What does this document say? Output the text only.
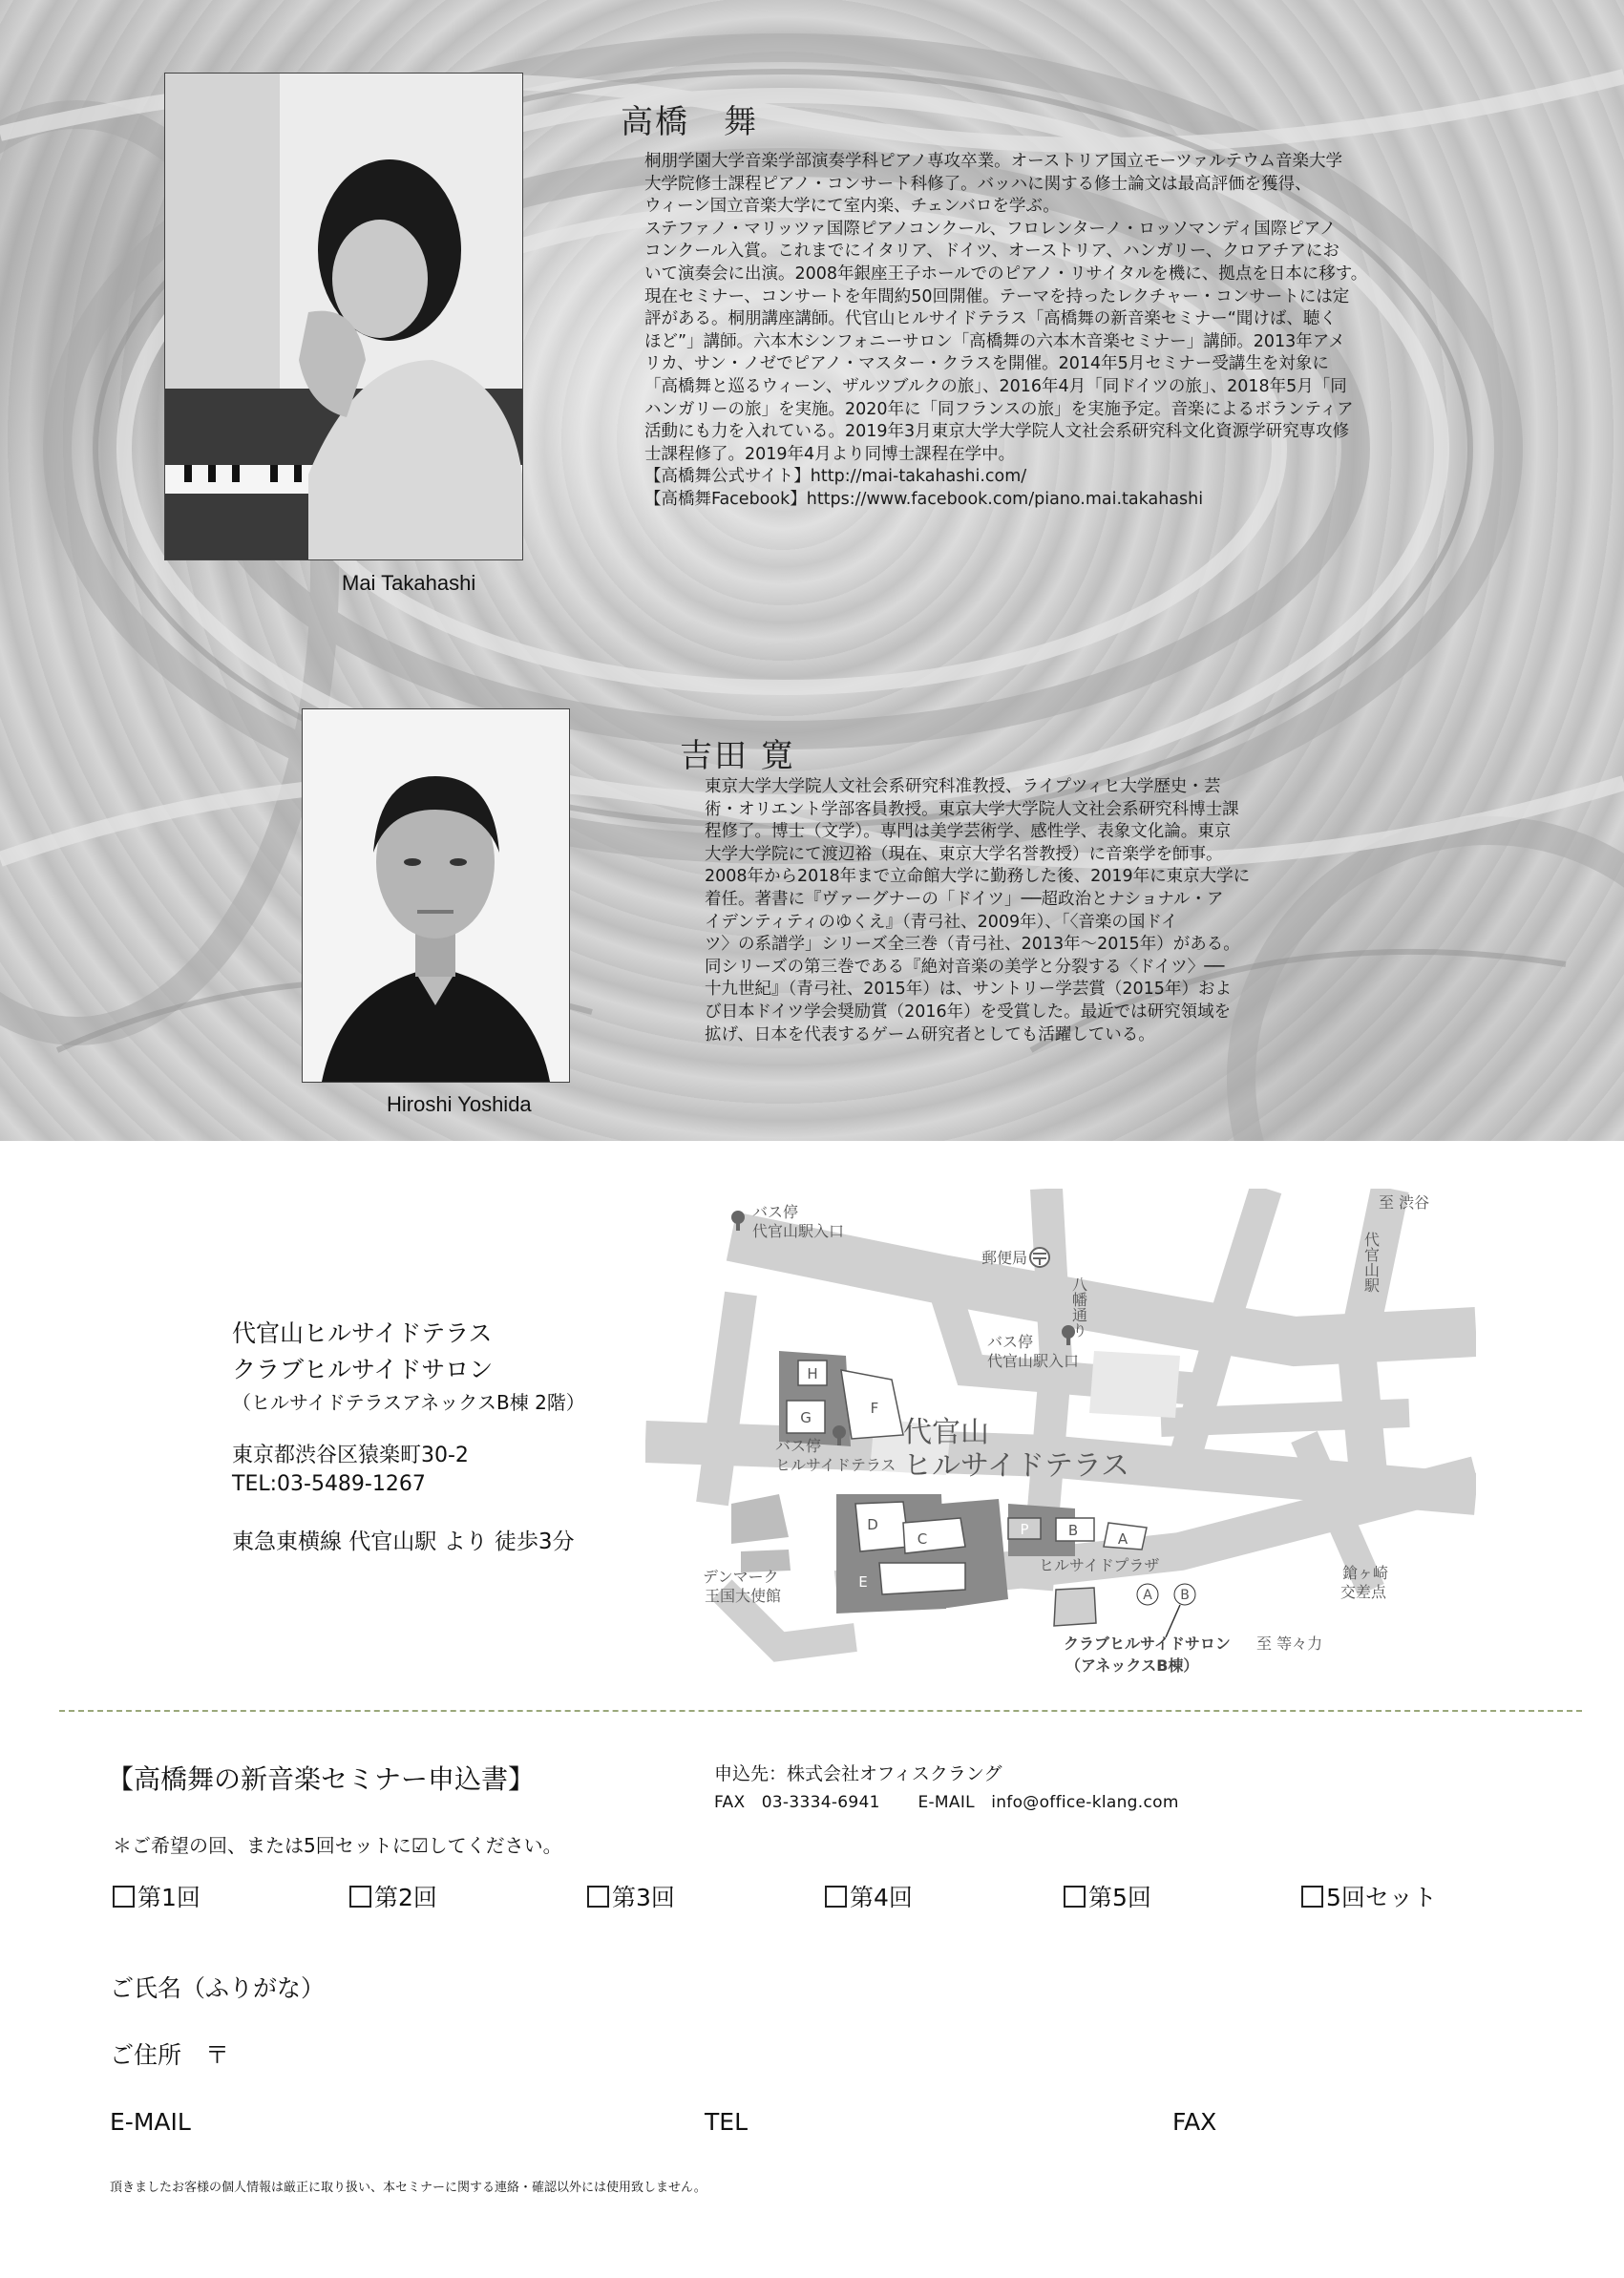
Mai Takahashi
高橋　舞

桐朋学園大学音楽学部演奏学科ピアノ専攻卒業。オーストリア国立モーツァルテウム音楽大学

大学院修士課程ピアノ・コンサート科修了。バッハに関する修士論文は最高評価を獲得、

ウィーン国立音楽大学にて室内楽、チェンバロを学ぶ。

ステファノ・マリッツァ国際ピアノコンクール、フロレンターノ・ロッソマンディ国際ピアノ

コンクール入賞。これまでにイタリア、ドイツ、オーストリア、ハンガリー、クロアチアにお

いて演奏会に出演。2008年銀座王子ホールでのピアノ・リサイタルを機に、拠点を日本に移す。

現在セミナー、コンサートを年間約50回開催。テーマを持ったレクチャー・コンサートには定

評がある。桐朋講座講師。代官山ヒルサイドテラス「高橋舞の新音楽セミナー“聞けば、聴く

ほど”」講師。六本木シンフォニーサロン「高橋舞の六本木音楽セミナー」講師。2013年アメ

リカ、サン・ノゼでピアノ・マスター・クラスを開催。2014年5月セミナー受講生を対象に

「高橋舞と巡るウィーン、ザルツブルクの旅」、2016年4月「同ドイツの旅」、2018年5月「同

ハンガリーの旅」を実施。2020年に「同フランスの旅」を実施予定。音楽によるボランティア

活動にも力を入れている。2019年3月東京大学大学院人文社会系研究科文化資源学研究専攻修

士課程修了。2019年4月より同博士課程在学中。

【高橋舞公式サイト】http://mai-takahashi.com/

【高橋舞Facebook】https://www.facebook.com/piano.mai.takahashi

Hiroshi Yoshida
吉田 寛

東京大学大学院人文社会系研究科准教授、ライプツィヒ大学歴史・芸

術・オリエント学部客員教授。東京大学大学院人文社会系研究科博士課

程修了。博士（文学）。専門は美学芸術学、感性学、表象文化論。東京

大学大学院にて渡辺裕（現在、東京大学名誉教授）に音楽学を師事。

2008年から2018年まで立命館大学に勤務した後、2019年に東京大学に

着任。著書に『ヴァーグナーの「ドイツ」──超政治とナショナル・ア

イデンティティのゆくえ』（青弓社、2009年）、「〈音楽の国ドイ

ツ〉の系譜学」シリーズ全三巻（青弓社、2013年〜2015年）がある。

同シリーズの第三巻である『絶対音楽の美学と分裂する〈ドイツ〉──

十九世紀』（青弓社、2015年）は、サントリー学芸賞（2015年）およ

び日本ドイツ学会奨励賞（2016年）を受賞した。最近では研究領域を

拡げ、日本を代表するゲーム研究者としても活躍している。

代官山ヒルサイドテラス
クラブヒルサイドサロン
（ヒルサイドテラスアネックスB棟 2階）
東京都渋谷区猿楽町30-2
TEL:03-5489-1267
東急東横線 代官山駅 より 徒歩3分
H
G
F
D
C
P	B	A
E
A B
バス停
代官山駅入口
至 渋谷
郵便局
バス停
代官山駅入口
バス停
ヒルサイドテラス
ヒルサイドプラザ
デンマーク
王国大使館
鎗ヶ崎
交差点
至 等々力
クラブヒルサイドサロン
（アネックスB棟）
八幡通り
代官山駅
代官山
ヒルサイドテラス
【高橋舞の新音楽セミナー申込書】	申込先：株式会社オフィスクラング
FAX　03-3334-6941 E-MAIL　info@office-klang.com
＊ご希望の回、または5回セットに☑してください。
第1回	第2回	第3回	第4回	第5回	5回セット
ご氏名（ふりがな）
ご住所　〒
E-MAIL	TEL	FAX
頂きましたお客様の個人情報は厳正に取り扱い、本セミナーに関する連絡・確認以外には使用致しません。
